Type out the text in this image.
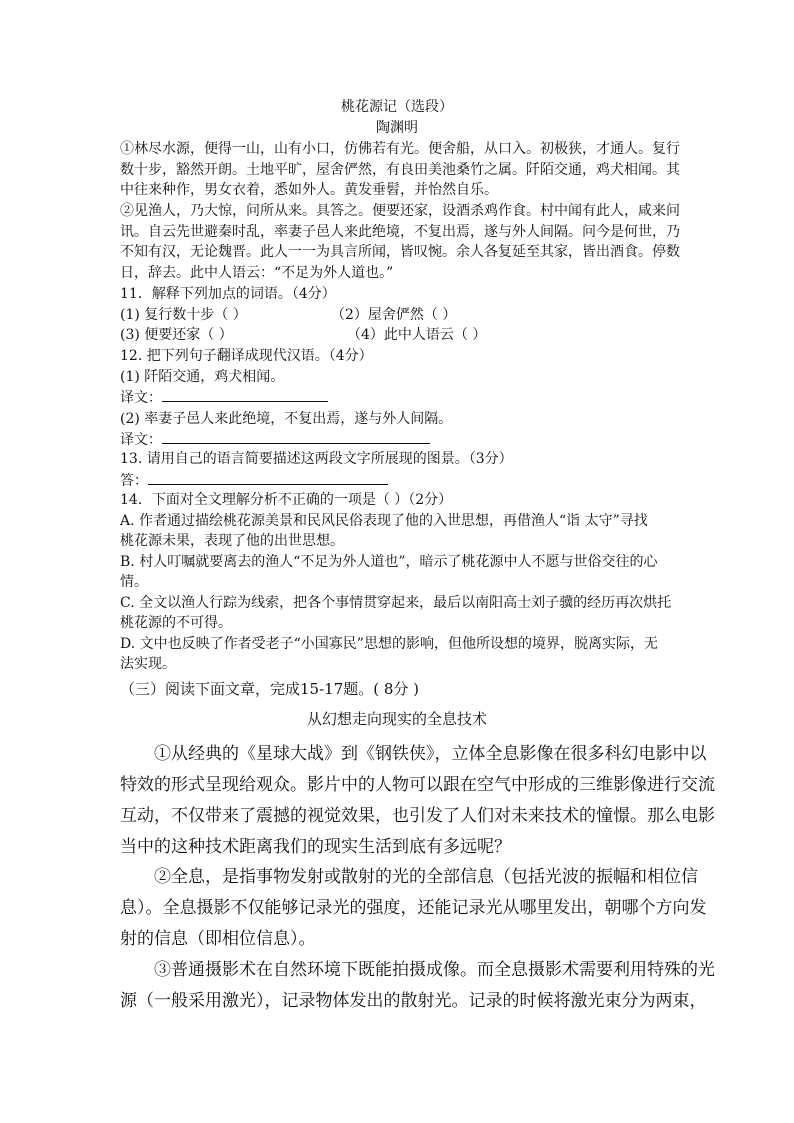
桃花源记（选段）
陶渊明
①林尽水源，便得一山，山有小口，仿佛若有光。便舍船，从口入。初极狭，才通人。复行
数十步，豁然开朗。土地平旷，屋舍俨然，有良田美池桑竹之属。阡陌交通，鸡犬相闻。其
中往来种作，男女衣着，悉如外人。黄发垂髫，并怡然自乐。
②见渔人，乃大惊，问所从来。具答之。便要还家，设酒杀鸡作食。村中闻有此人，咸来问
讯。自云先世避秦时乱，率妻子邑人来此绝境，不复出焉，遂与外人间隔。问今是何世，乃
不知有汉，无论魏晋。此人一一为具言所闻，皆叹惋。余人各复延至其家，皆出酒食。停数
日，辞去。此中人语云：“不足为外人道也。”
11．解释下列加点的词语。（4分）
(1) 复行数十步（ ）	（2）屋舍俨然（ ）
(3) 便要还家（ ）	（4）此中人语云（ ）
12. 把下列句子翻译成现代汉语。（4分）
(1) 阡陌交通，鸡犬相闻。
译文：
(2) 率妻子邑人来此绝境，不复出焉，遂与外人间隔。
译文：
13. 请用自己的语言简要描述这两段文字所展现的图景。（3分）
答：
14．下面对全文理解分析不正确的一项是（ ）（2分）
A. 作者通过描绘桃花源美景和民风民俗表现了他的入世思想，再借渔人“诣 太守”寻找
桃花源未果，表现了他的出世思想。
B. 村人叮嘱就要离去的渔人“不足为外人道也”，暗示了桃花源中人不愿与世俗交往的心
情。
C. 全文以渔人行踪为线索，把各个事情贯穿起来，最后以南阳高士刘子骥的经历再次烘托
桃花源的不可得。
D. 文中也反映了作者受老子“小国寡民”思想的影响，但他所设想的境界，脱离实际，无
法实现。
（三）阅读下面文章，完成15-17题。( 8分 )
从幻想走向现实的全息技术
①从经典的《星球大战》到《钢铁侠》，立体全息影像在很多科幻电影中以
特效的形式呈现给观众。影片中的人物可以跟在空气中形成的三维影像进行交流
互动，不仅带来了震撼的视觉效果，也引发了人们对未来技术的憧憬。那么电影
当中的这种技术距离我们的现实生活到底有多远呢？
②全息，是指事物发射或散射的光的全部信息（包括光波的振幅和相位信
息）。全息摄影不仅能够记录光的强度，还能记录光从哪里发出，朝哪个方向发
射的信息（即相位信息）。
③普通摄影术在自然环境下既能拍摄成像。而全息摄影术需要利用特殊的光
源（一般采用激光），记录物体发出的散射光。记录的时候将激光束分为两束，
